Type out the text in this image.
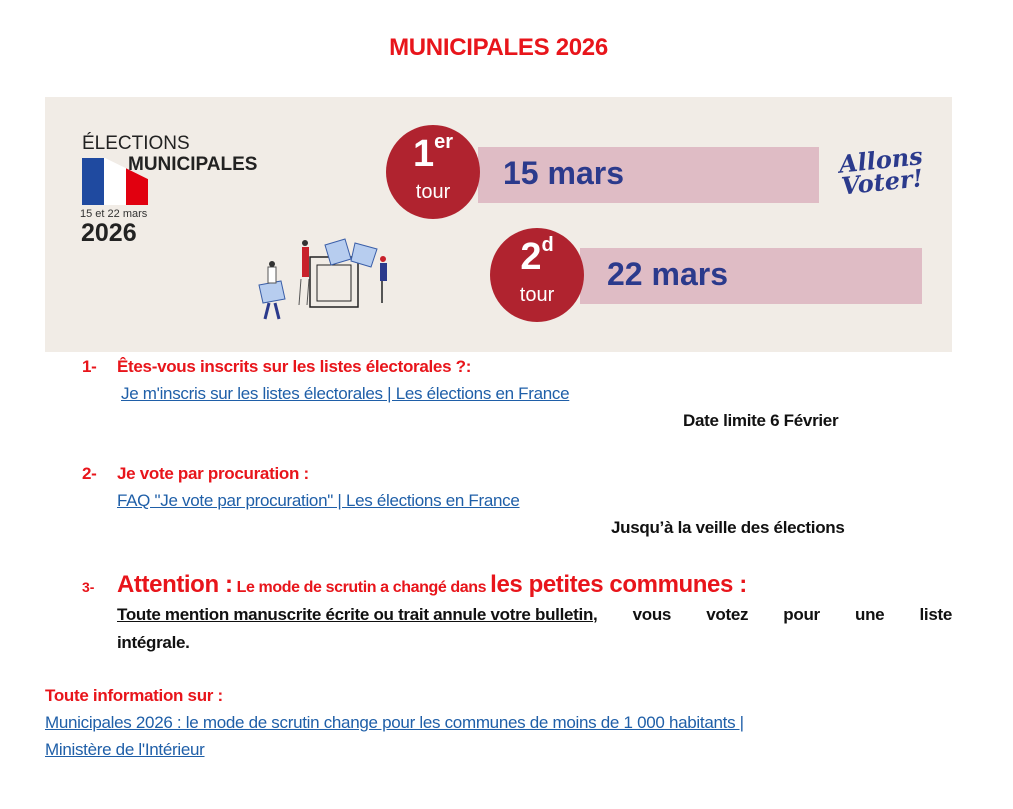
MUNICIPALES 2026
ÉLECTIONS
MUNICIPALES
15 et 22 mars
2026
15 mars
1er
tour
Allons Voter!
22 mars
2$^d$
tour
1- Êtes-vous inscrits sur les listes électorales ?:
Je m'inscris sur les listes électorales | Les élections en France
Date limite 6 Février
2- Je vote par procuration :
FAQ "Je vote par procuration" | Les élections en France
Jusqu’à la veille des élections
3- Attention : Le mode de scrutin a changé dans les petites communes :
Toute mention manuscrite écrite ou trait annule votre bulletin , vous votez pour une liste
intégrale.
Toute information sur :
Municipales 2026 : le mode de scrutin change pour les communes de moins de 1 000 habitants |
Ministère de l'Intérieur
